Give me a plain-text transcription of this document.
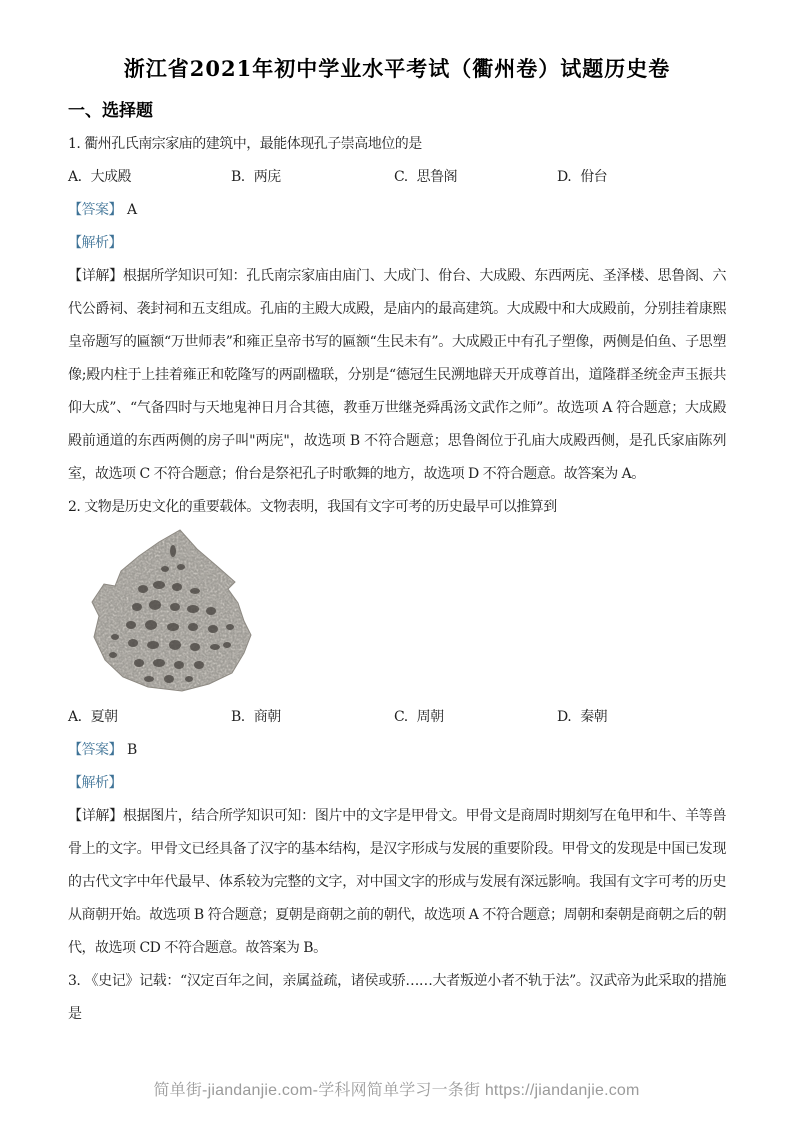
浙江省2021年初中学业水平考试（衢州卷）试题历史卷
一、选择题

1. 衢州孔氏南宗家庙的建筑中，最能体现孔子崇高地位的是

A. 大成殿	B. 两庑	C. 思鲁阁	D. 佾台

【答案】 A

【解析】

【详解】根据所学知识可知：孔氏南宗家庙由庙门、大成门、佾台、大成殿、东西两庑、圣泽楼、思鲁阁、六代公爵祠、袭封祠和五支组成。孔庙的主殿大成殿，是庙内的最高建筑。大成殿中和大成殿前，分别挂着康熙皇帝题写的匾额“万世师表”和雍正皇帝书写的匾额“生民未有”。大成殿正中有孔子塑像，两侧是伯鱼、子思塑像;殿内柱于上挂着雍正和乾隆写的两副楹联，分别是“德冠生民溯地辟天开成尊首出，道隆群圣统金声玉振共仰大成”、“气备四时与天地鬼神日月合其德，教垂万世继尧舜禹汤文武作之师”。故选项 A 符合题意；大成殿殿前通道的东西两侧的房子叫"两庑"，故选项 B 不符合题意；思鲁阁位于孔庙大成殿西侧，是孔氏家庙陈列室，故选项 C 不符合题意；佾台是祭祀孔子时歌舞的地方，故选项 D 不符合题意。故答案为 A。

2. 文物是历史文化的重要载体。文物表明，我国有文字可考的历史最早可以推算到

A. 夏朝	B. 商朝	C. 周朝	D. 秦朝

【答案】 B

【解析】

【详解】根据图片，结合所学知识可知：图片中的文字是甲骨文。甲骨文是商周时期刻写在龟甲和牛、羊等兽骨上的文字。甲骨文已经具备了汉字的基本结构，是汉字形成与发展的重要阶段。甲骨文的发现是中国已发现的古代文字中年代最早、体系较为完整的文字，对中国文字的形成与发展有深远影响。我国有文字可考的历史从商朝开始。故选项 B 符合题意；夏朝是商朝之前的朝代，故选项 A 不符合题意；周朝和秦朝是商朝之后的朝代，故选项 CD 不符合题意。故答案为 B。

3. 《史记》记载：“汉定百年之间，亲属益疏，诸侯或骄……大者叛逆小者不轨于法”。汉武帝为此采取的措施是

简单街-jiandanjie.com-学科网简单学习一条街 https://jiandanjie.com
